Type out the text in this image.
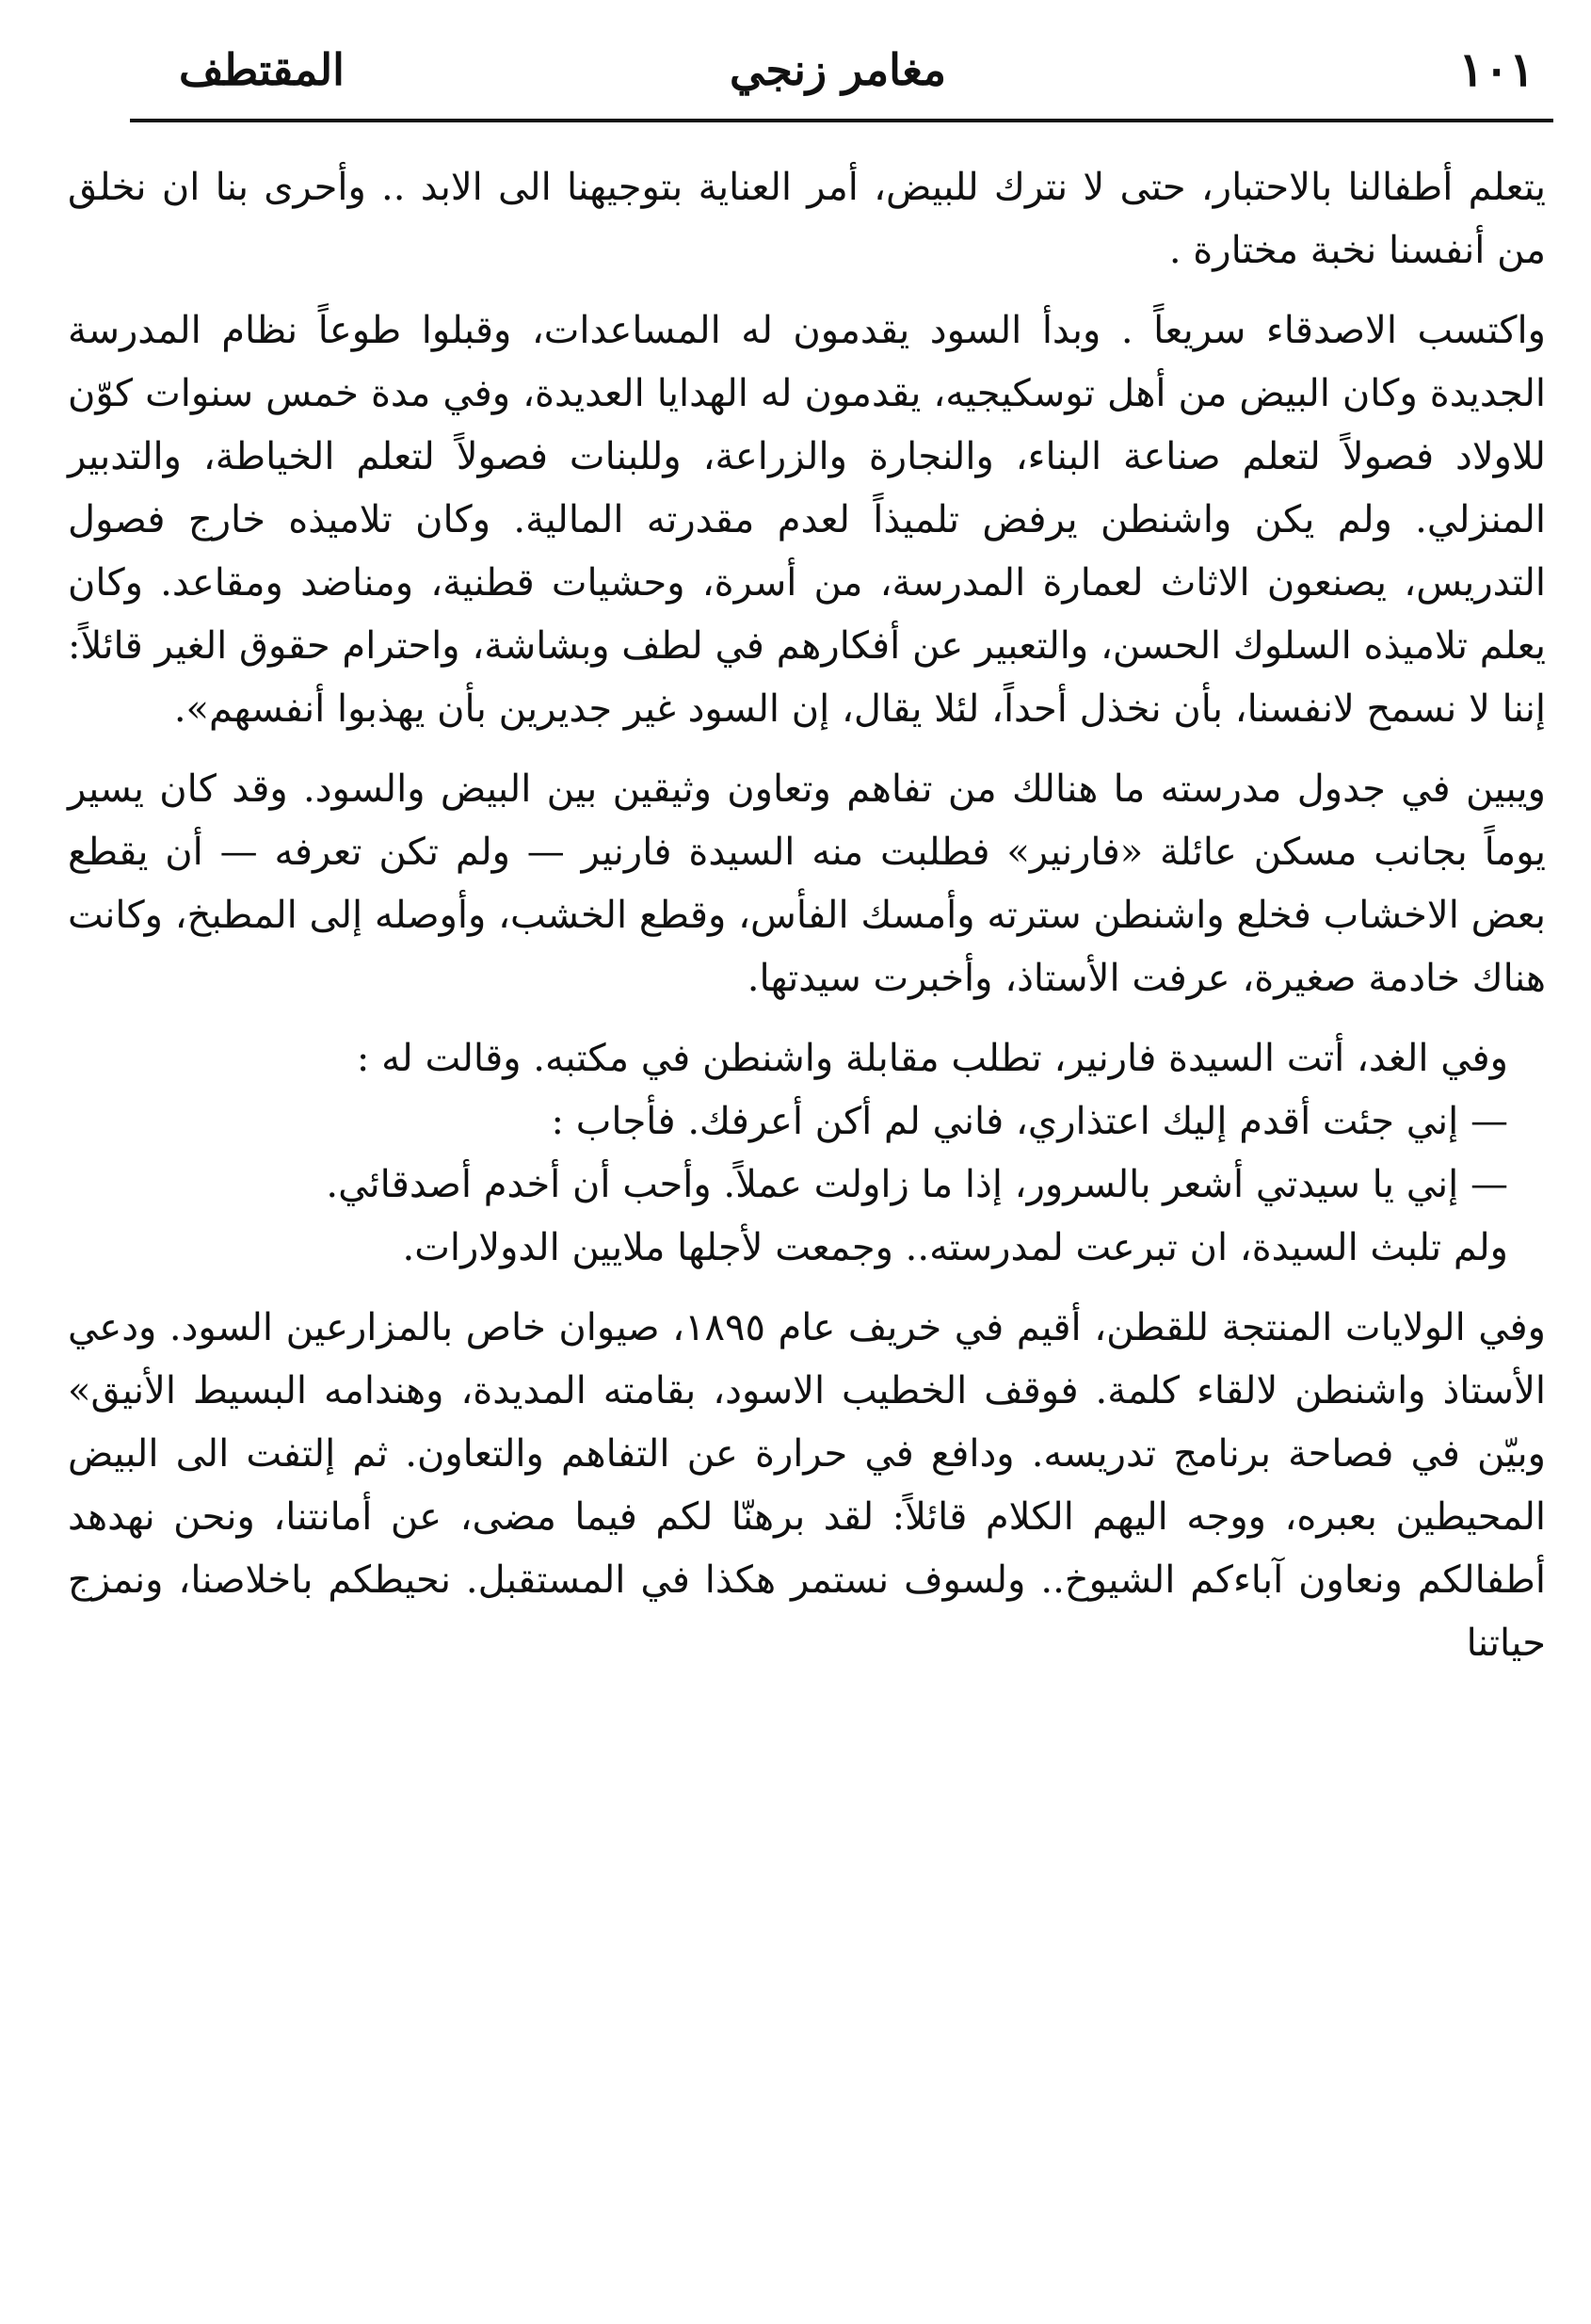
١٠١
مغامر زنجي
المقتطف

يتعلم أطفالنا بالاحتبار، حتى لا نترك للبيض، أمر العناية بتوجيهنا الى الابد .. وأحرى بنا ان نخلق من أنفسنا نخبة مختارة .

واكتسب الاصدقاء سريعاً . وبدأ السود يقدمون له المساعدات، وقبلوا طوعاً نظام المدرسة الجديدة وكان البيض من أهل توسكيجيه، يقدمون له الهدايا العديدة، وفي مدة خمس سنوات كوّن للاولاد فصولاً لتعلم صناعة البناء، والنجارة والزراعة، وللبنات فصولاً لتعلم الخياطة، والتدبير المنزلي. ولم يكن واشنطن يرفض تلميذاً لعدم مقدرته المالية. وكان تلاميذه خارج فصول التدريس، يصنعون الاثاث لعمارة المدرسة، من أسرة، وحشيات قطنية، ومناضد ومقاعد. وكان يعلم تلاميذه السلوك الحسن، والتعبير عن أفكارهم في لطف وبشاشة، واحترام حقوق الغير قائلاً: إننا لا نسمح لانفسنا، بأن نخذل أحداً، لئلا يقال، إن السود غير جديرين بأن يهذبوا أنفسهم».

ويبين في جدول مدرسته ما هنالك من تفاهم وتعاون وثيقين بين البيض والسود. وقد كان يسير يوماً بجانب مسكن عائلة «فارنير» فطلبت منه السيدة فارنير — ولم تكن تعرفه — أن يقطع بعض الاخشاب فخلع واشنطن سترته وأمسك الفأس، وقطع الخشب، وأوصله إلى المطبخ، وكانت هناك خادمة صغيرة، عرفت الأستاذ، وأخبرت سيدتها.

وفي الغد، أتت السيدة فارنير، تطلب مقابلة واشنطن في مكتبه. وقالت له :

— إني جئت أقدم إليك اعتذاري، فاني لم أكن أعرفك. فأجاب :

— إني يا سيدتي أشعر بالسرور، إذا ما زاولت عملاً. وأحب أن أخدم أصدقائي.

ولم تلبث السيدة، ان تبرعت لمدرسته.. وجمعت لأجلها ملايين الدولارات.

وفي الولايات المنتجة للقطن، أقيم في خريف عام ١٨٩٥، صيوان خاص بالمزارعين السود. ودعي الأستاذ واشنطن لالقاء كلمة. فوقف الخطيب الاسود، بقامته المديدة، وهندامه البسيط الأنيق» وبيّن في فصاحة برنامج تدريسه. ودافع في حرارة عن التفاهم والتعاون. ثم إلتفت الى البيض المحيطين بعبره، ووجه اليهم الكلام قائلاً: لقد برهنّا لكم فيما مضى، عن أمانتنا، ونحن نهدهد أطفالكم ونعاون آباءكم الشيوخ.. ولسوف نستمر هكذا في المستقبل. نحيطكم باخلاصنا، ونمزج حياتنا
